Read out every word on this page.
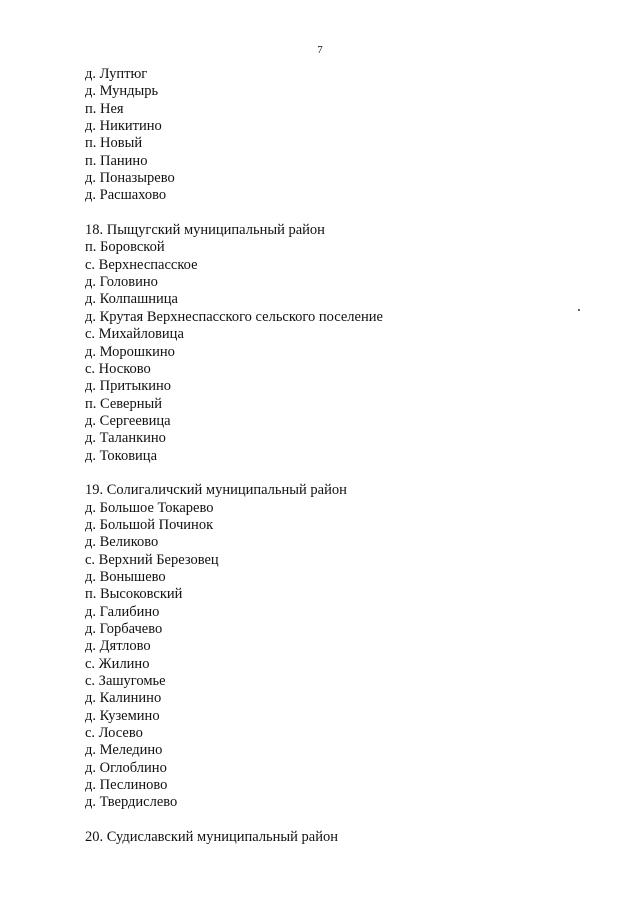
7
д. Луптюг
д. Мундырь
п. Нея
д. Никитино
п. Новый
п. Панино
д. Поназырево
д. Расшахово
18. Пыщугский муниципальный район
п. Боровской
с. Верхнеспасское
д. Головино
д. Колпашница
д. Крутая Верхнеспасского сельского поселение
с. Михайловица
д. Морошкино
с. Носково
д. Притыкино
п. Северный
д. Сергеевица
д. Таланкино
д. Токовица
19. Солигаличский муниципальный район
д. Большое Токарево
д. Большой Починок
д. Великово
с. Верхний Березовец
д. Вонышево
п. Высоковский
д. Галибино
д. Горбачево
д. Дятлово
с. Жилино
с. Зашугомье
д. Калинино
д. Куземино
с. Лосево
д. Меледино
д. Оглоблино
д. Песлиново
д. Твердислево
20. Судиславский муниципальный район
